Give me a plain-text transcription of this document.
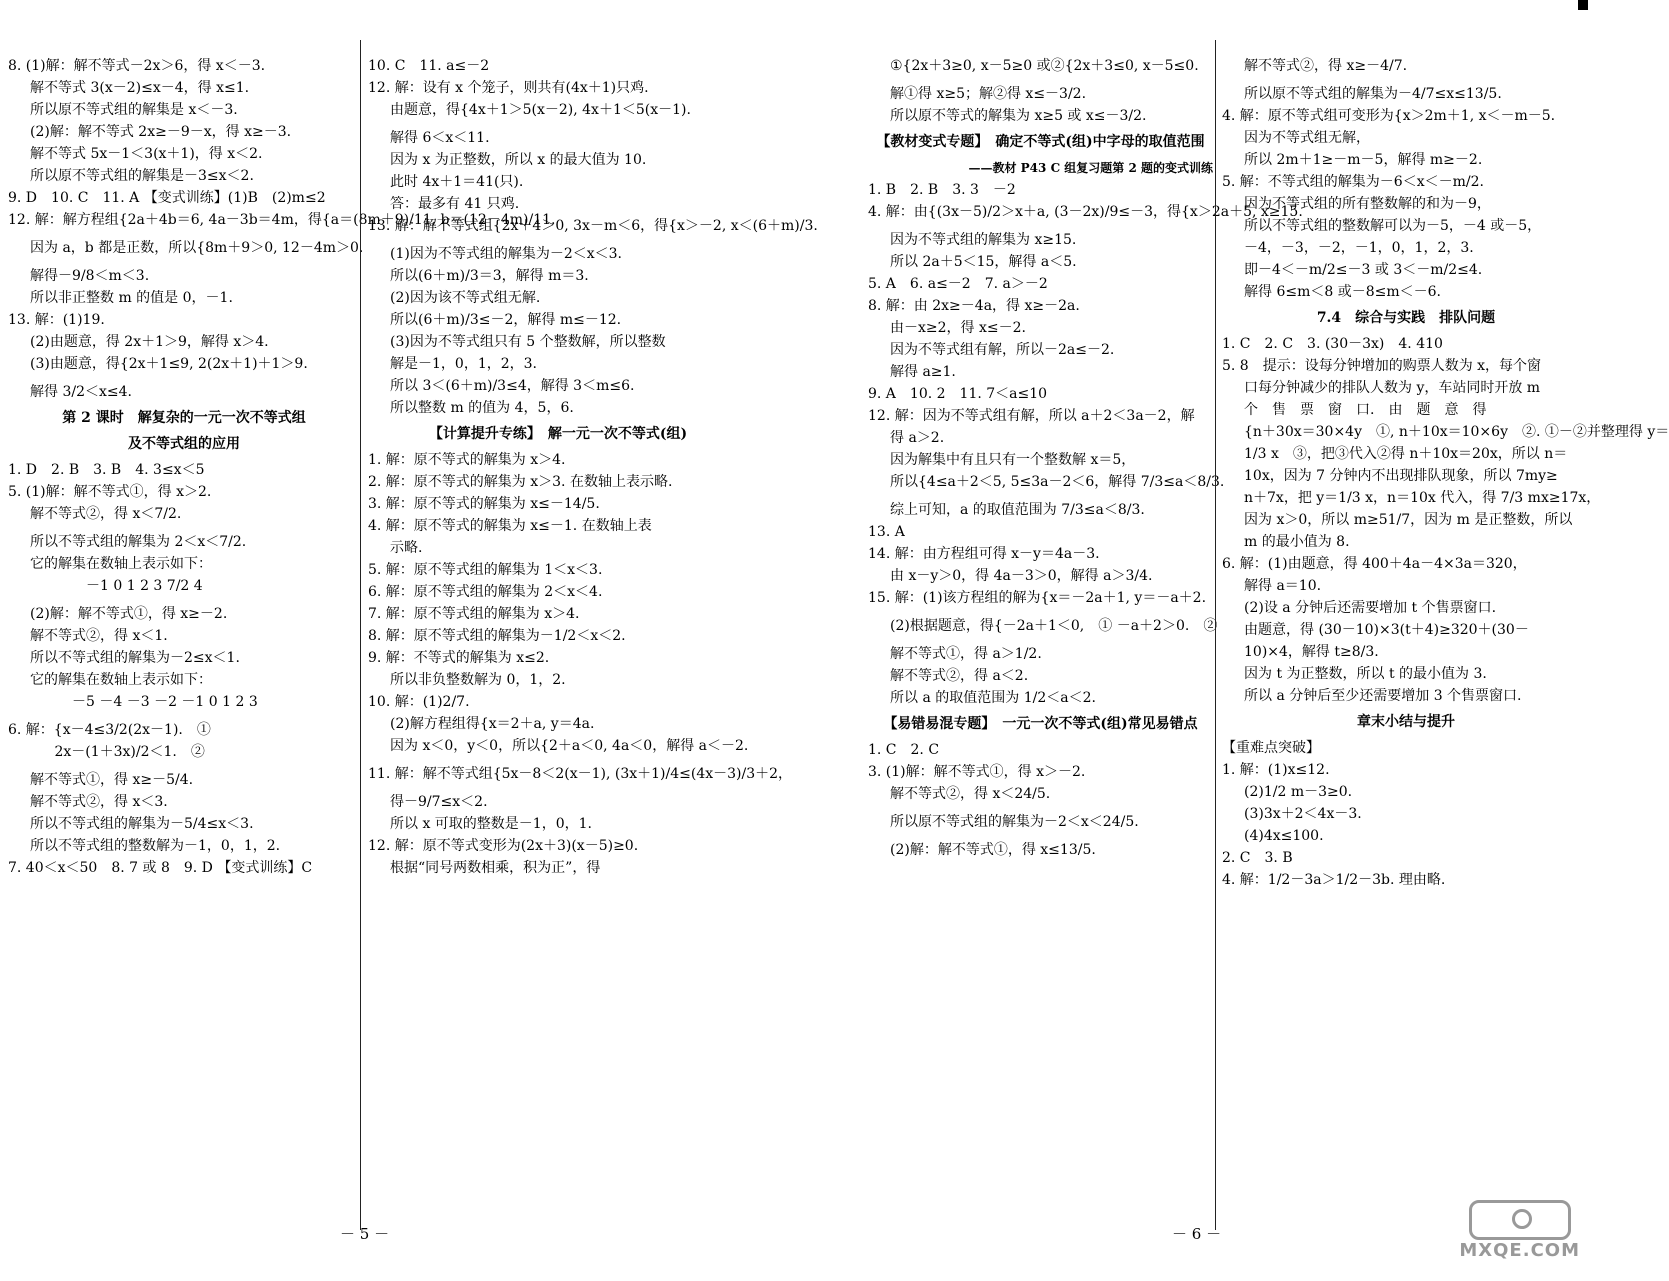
8. (1)解：解不等式－2x＞6，得 x＜－3.
解不等式 3(x－2)≤x－4，得 x≤1.
所以原不等式组的解集是 x＜－3.
(2)解：解不等式 2x≥－9－x，得 x≥－3.
解不等式 5x－1＜3(x＋1)，得 x＜2.
所以原不等式组的解集是－3≤x＜2.
9. D　10. C　11. A 【变式训练】(1)B　(2)m≤2
12. 解：解方程组{2a＋4b＝6, 4a－3b＝4m，得{a＝(8m＋9)/11, b＝(12－4m)/11.
因为 a，b 都是正数，所以{8m＋9＞0, 12－4m＞0.
解得－9/8＜m＜3.
所以非正整数 m 的值是 0，－1.
13. 解：(1)19.
(2)由题意，得 2x＋1＞9，解得 x＞4.
(3)由题意，得{2x＋1≤9, 2(2x＋1)＋1＞9.
解得 3/2＜x≤4.
第 2 课时　解复杂的一元一次不等式组
及不等式组的应用
1. D　2. B　3. B　4. 3≤x＜5
5. (1)解：解不等式①，得 x＞2.
解不等式②，得 x＜7/2.
所以不等式组的解集为 2＜x＜7/2.
它的解集在数轴上表示如下：
　　　　－1 0 1 2 3 7/2 4
(2)解：解不等式①，得 x≥－2.
解不等式②，得 x＜1.
所以不等式组的解集为－2≤x＜1.
它的解集在数轴上表示如下：
　　　－5 －4 －3 －2 －1 0 1 2 3
6. 解：{x－4≤3/2(2x－1).　①
　　　 2x－(1＋3x)/2＜1.　②
解不等式①，得 x≥－5/4.
解不等式②，得 x＜3.
所以不等式组的解集为－5/4≤x＜3.
所以不等式组的整数解为－1，0，1，2.
7. 40＜x＜50　8. 7 或 8　9. D 【变式训练】C
10. C　11. a≤－2
12. 解：设有 x 个笼子，则共有(4x＋1)只鸡.
由题意，得{4x＋1＞5(x－2), 4x＋1＜5(x－1).
解得 6＜x＜11.
因为 x 为正整数，所以 x 的最大值为 10.
此时 4x＋1＝41(只).
答：最多有 41 只鸡.
13. 解：解不等式组{2x＋4＞0, 3x－m＜6，得{x＞－2, x＜(6＋m)/3.
(1)因为不等式组的解集为－2＜x＜3.
所以(6＋m)/3＝3，解得 m＝3.
(2)因为该不等式组无解.
所以(6＋m)/3≤－2，解得 m≤－12.
(3)因为不等式组只有 5 个整数解，所以整数
解是－1，0，1，2，3.
所以 3＜(6＋m)/3≤4，解得 3＜m≤6.
所以整数 m 的值为 4，5，6.
【计算提升专练】　解一元一次不等式(组)
1. 解：原不等式的解集为 x＞4.
2. 解：原不等式的解集为 x＞3. 在数轴上表示略.
3. 解：原不等式的解集为 x≤－14/5.
4. 解：原不等式的解集为 x≤－1. 在数轴上表
示略.
5. 解：原不等式组的解集为 1＜x＜3.
6. 解：原不等式组的解集为 2＜x＜4.
7. 解：原不等式组的解集为 x＞4.
8. 解：原不等式组的解集为－1/2＜x＜2.
9. 解：不等式的解集为 x≤2.
所以非负整数解为 0，1，2.
10. 解：(1)2/7.
(2)解方程组得{x＝2＋a, y＝4a.
因为 x＜0，y＜0，所以{2＋a＜0, 4a＜0，解得 a＜－2.
11. 解：解不等式组{5x－8＜2(x－1), (3x＋1)/4≤(4x－3)/3＋2，
得－9/7≤x＜2.
所以 x 可取的整数是－1，0，1.
12. 解：原不等式变形为(2x＋3)(x－5)≥0.
根据“同号两数相乘，积为正”，得
－ 5 －
①{2x＋3≥0, x－5≥0 或②{2x＋3≤0, x－5≤0.
解①得 x≥5；解②得 x≤－3/2.
所以原不等式的解集为 x≥5 或 x≤－3/2.
【教材变式专题】　确定不等式(组)中字母的取值范围
——教材 P43 C 组复习题第 2 题的变式训练
1. B　2. B　3. 3　－2
4. 解：由{(3x－5)/2＞x＋a, (3－2x)/9≤－3，得{x＞2a＋5, x≥15.
因为不等式组的解集为 x≥15.
所以 2a＋5＜15，解得 a＜5.
5. A　6. a≤－2　7. a＞－2
8. 解：由 2x≥－4a，得 x≥－2a.
由－x≥2，得 x≤－2.
因为不等式组有解，所以－2a≤－2.
解得 a≥1.
9. A　10. 2　11. 7＜a≤10
12. 解：因为不等式组有解，所以 a＋2＜3a－2，解
得 a＞2.
因为解集中有且只有一个整数解 x＝5，
所以{4≤a＋2＜5, 5≤3a－2＜6，解得 7/3≤a＜8/3.
综上可知，a 的取值范围为 7/3≤a＜8/3.
13. A
14. 解：由方程组可得 x－y＝4a－3.
由 x－y＞0，得 4a－3＞0，解得 a＞3/4.
15. 解：(1)该方程组的解为{x＝－2a＋1, y＝－a＋2.
(2)根据题意，得{－2a＋1＜0,　① －a＋2＞0.　②
解不等式①，得 a＞1/2.
解不等式②，得 a＜2.
所以 a 的取值范围为 1/2＜a＜2.
【易错易混专题】　一元一次不等式(组)常见易错点
1. C　2. C
3. (1)解：解不等式①，得 x＞－2.
解不等式②，得 x＜24/5.
所以原不等式组的解集为－2＜x＜24/5.
(2)解：解不等式①，得 x≤13/5.
解不等式②，得 x≥－4/7.
所以原不等式组的解集为－4/7≤x≤13/5.
4. 解：原不等式组可变形为{x＞2m＋1, x＜－m－5.
因为不等式组无解，
所以 2m＋1≥－m－5，解得 m≥－2.
5. 解：不等式组的解集为－6＜x＜－m/2.
因为不等式组的所有整数解的和为－9，
所以不等式组的整数解可以为－5，－4 或－5，
－4，－3，－2，－1，0，1，2，3.
即－4＜－m/2≤－3 或 3＜－m/2≤4.
解得 6≤m＜8 或－8≤m＜－6.
7.4　综合与实践　排队问题
1. C　2. C　3. (30－3x)　4. 410
5. 8　提示：设每分钟增加的购票人数为 x，每个窗
口每分钟减少的排队人数为 y，车站同时开放 m
个　售　票　窗　口.　由　题　意　得
{n＋30x＝30×4y　①, n＋10x＝10×6y　②. ①－②并整理得 y＝
1/3 x　③，把③代入②得 n＋10x＝20x，所以 n＝
10x，因为 7 分钟内不出现排队现象，所以 7my≥
n＋7x，把 y＝1/3 x，n＝10x 代入，得 7/3 mx≥17x，
因为 x＞0，所以 m≥51/7，因为 m 是正整数，所以
m 的最小值为 8.
6. 解：(1)由题意，得 400＋4a－4×3a＝320，
解得 a＝10.
(2)设 a 分钟后还需要增加 t 个售票窗口.
由题意，得 (30－10)×3(t＋4)≥320＋(30－
10)×4，解得 t≥8/3.
因为 t 为正整数，所以 t 的最小值为 3.
所以 a 分钟后至少还需要增加 3 个售票窗口.
章末小结与提升
【重难点突破】
1. 解：(1)x≤12.
(2)1/2 m－3≥0.
(3)3x＋2＜4x－3.
(4)4x≤100.
2. C　3. B
4. 解：1/2－3a＞1/2－3b. 理由略.
－ 6 －
MXQE.COM
